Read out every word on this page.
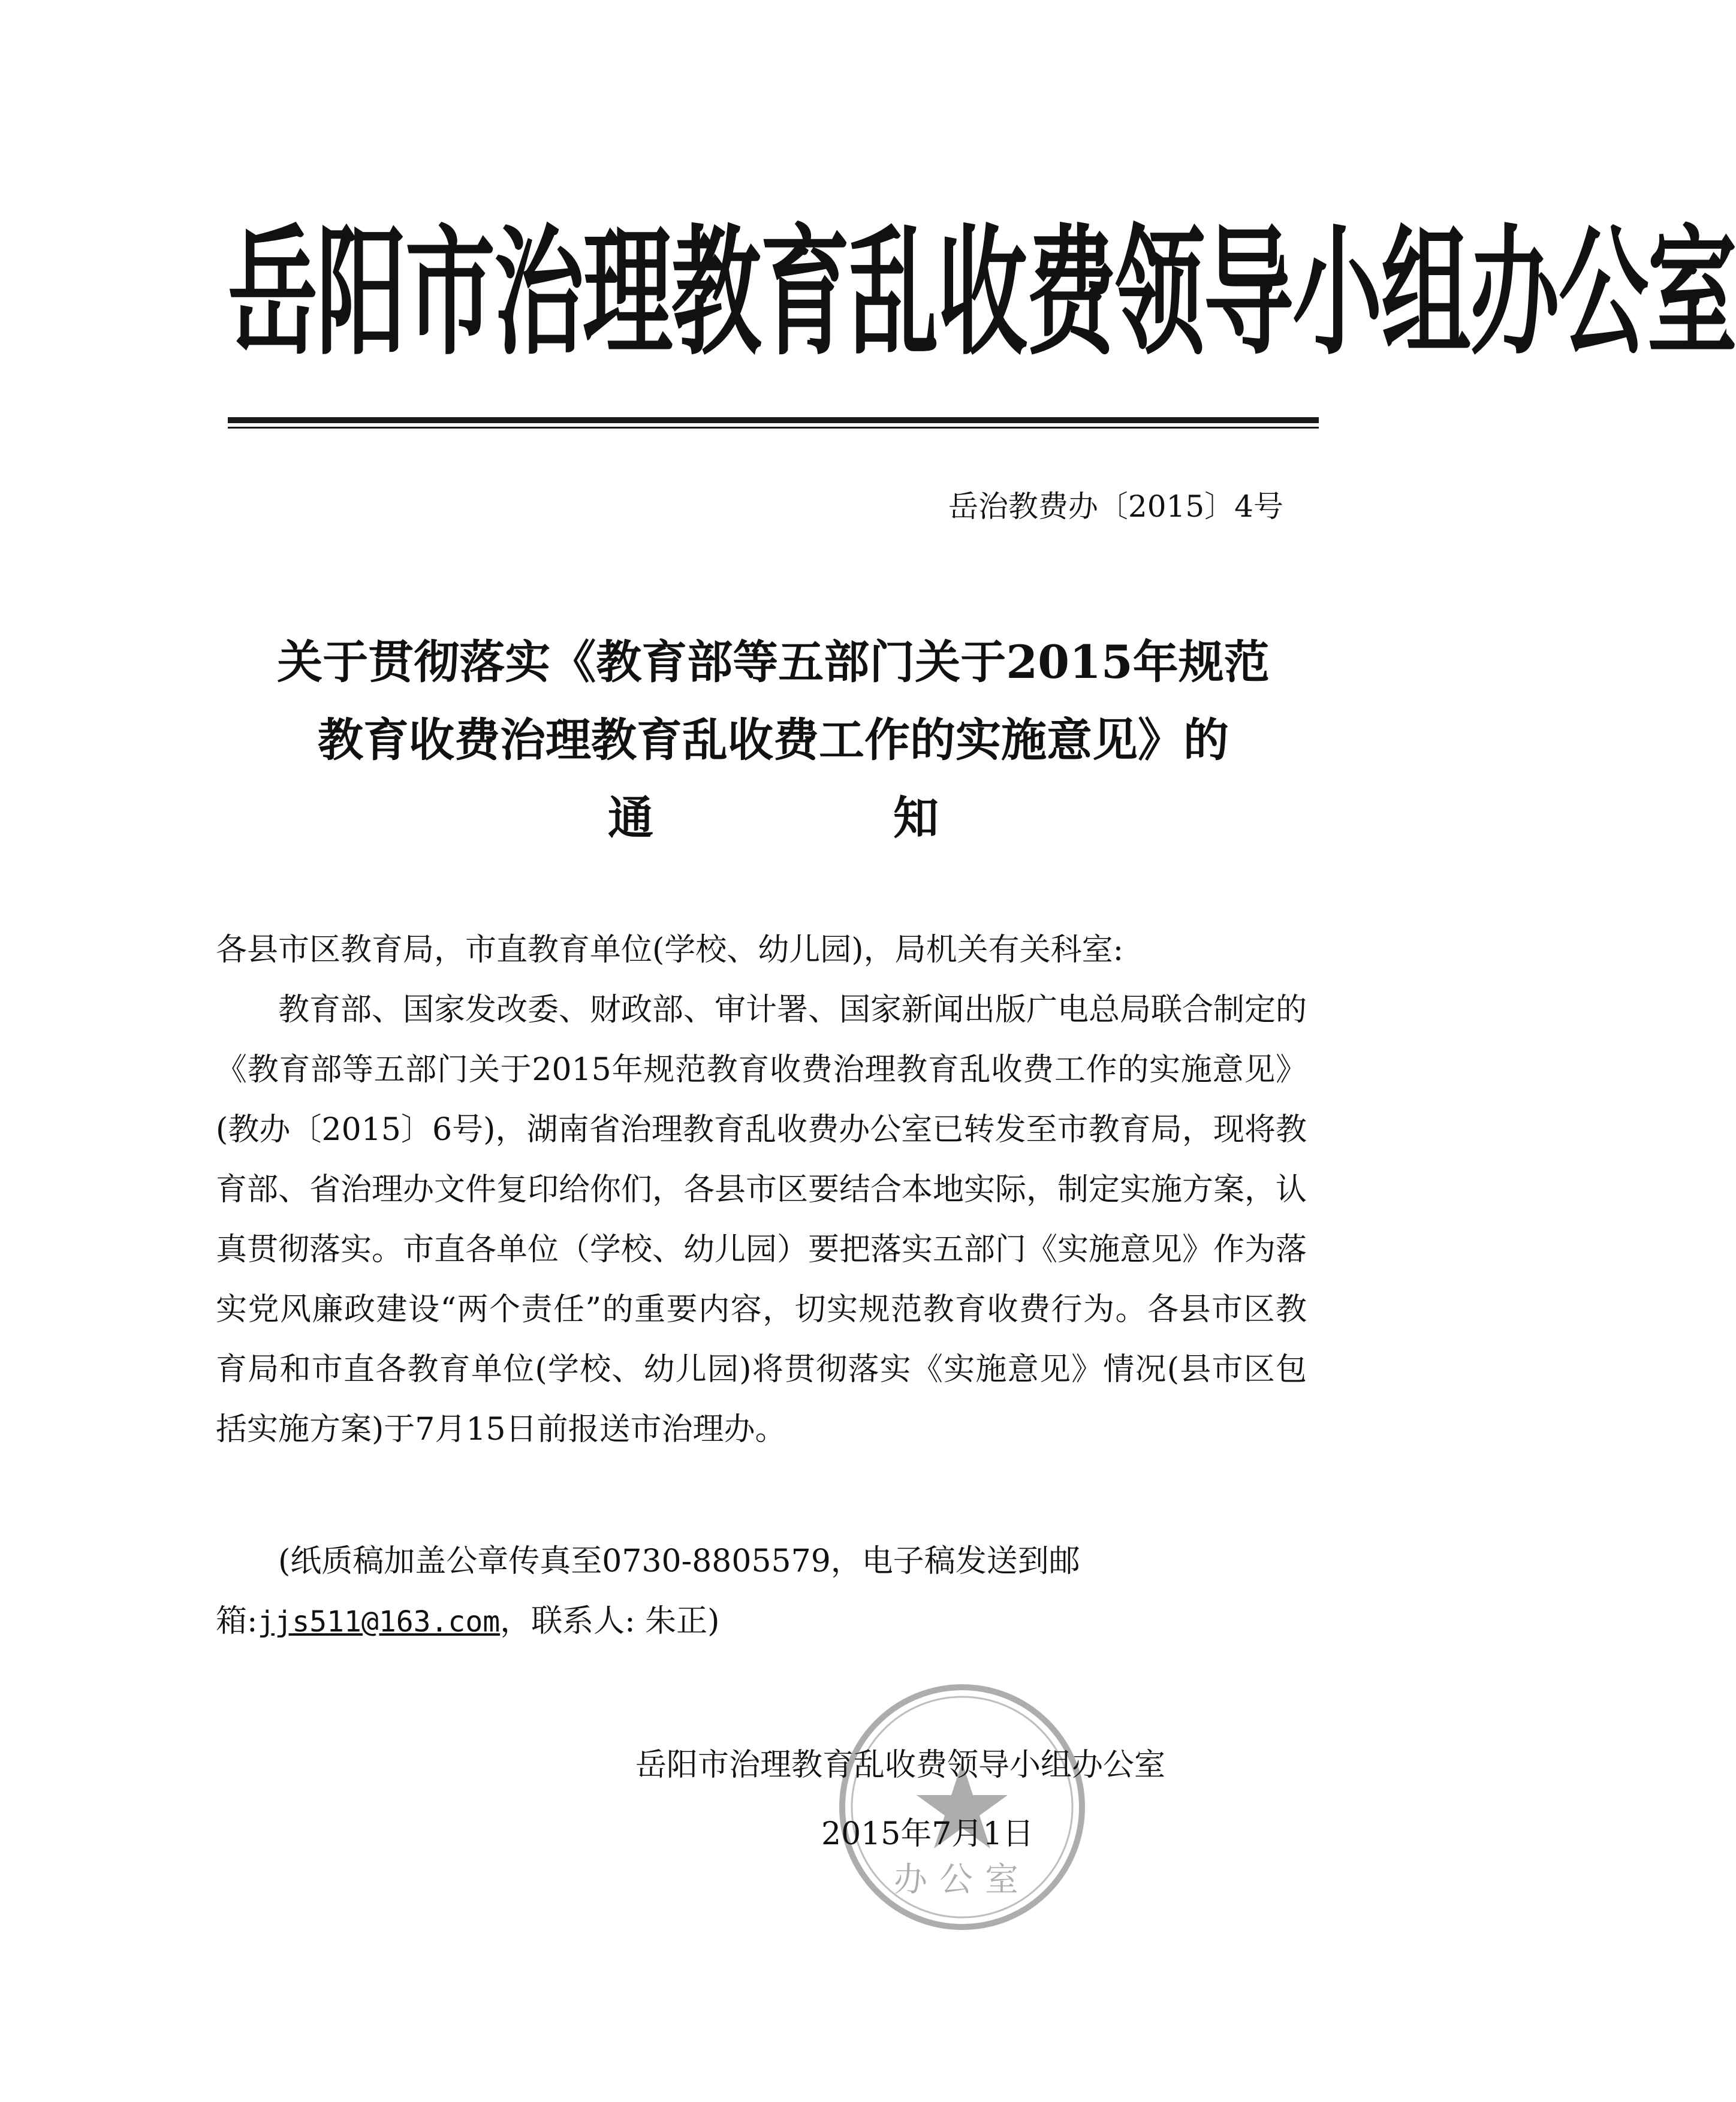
岳阳市治理教育乱收费领导小组办公室
岳治教费办〔2015〕4号
关于贯彻落实《教育部等五部门关于2015年规范
教育收费治理教育乱收费工作的实施意见》的
通知
各县市区教育局，市直教育单位(学校、幼儿园)，局机关有关科室:
教育部、国家发改委、财政部、审计署、国家新闻出版广电总局联合制定的《教育部等五部门关于2015年规范教育收费治理教育乱收费工作的实施意见》(教办〔2015〕6号)，湖南省治理教育乱收费办公室已转发至市教育局，现将教育部、省治理办文件复印给你们，各县市区要结合本地实际，制定实施方案，认真贯彻落实。市直各单位（学校、幼儿园）要把落实五部门《实施意见》作为落实党风廉政建设“两个责任”的重要内容，切实规范教育收费行为。各县市区教育局和市直各教育单位(学校、幼儿园)将贯彻落实《实施意见》情况(县市区包括实施方案)于7月15日前报送市治理办。
(纸质稿加盖公章传真至0730-8805579，电子稿发送到邮箱:jjs511@163.com，联系人: 朱正)
办公室
岳阳市治理教育乱收费领导小组办公室
2015年7月1日
